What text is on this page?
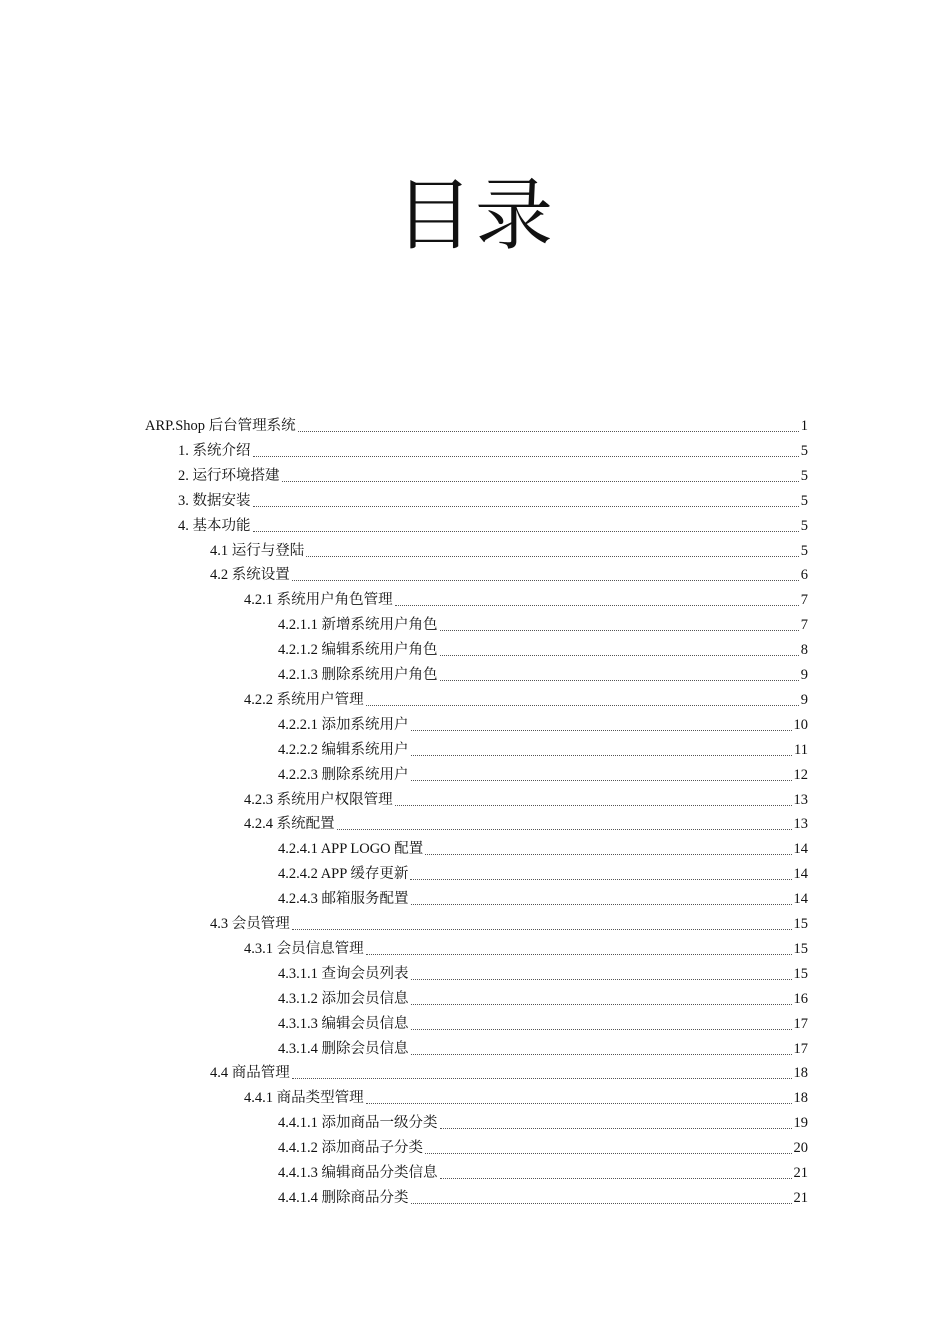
目录
ARP.Shop 后台管理系统	1
1. 系统介绍	5
2. 运行环境搭建	5
3. 数据安装	5
4. 基本功能	5
4.1 运行与登陆	5
4.2 系统设置	6
4.2.1 系统用户角色管理	7
4.2.1.1 新增系统用户角色	7
4.2.1.2 编辑系统用户角色	8
4.2.1.3 删除系统用户角色	9
4.2.2 系统用户管理	9
4.2.2.1 添加系统用户	10
4.2.2.2 编辑系统用户	11
4.2.2.3 删除系统用户	12
4.2.3 系统用户权限管理	13
4.2.4 系统配置	13
4.2.4.1 APP LOGO 配置	14
4.2.4.2 APP 缓存更新	14
4.2.4.3 邮箱服务配置	14
4.3 会员管理	15
4.3.1 会员信息管理	15
4.3.1.1 查询会员列表	15
4.3.1.2 添加会员信息	16
4.3.1.3 编辑会员信息	17
4.3.1.4 删除会员信息	17
4.4 商品管理	18
4.4.1 商品类型管理	18
4.4.1.1 添加商品一级分类	19
4.4.1.2 添加商品子分类	20
4.4.1.3 编辑商品分类信息	21
4.4.1.4 删除商品分类	21
